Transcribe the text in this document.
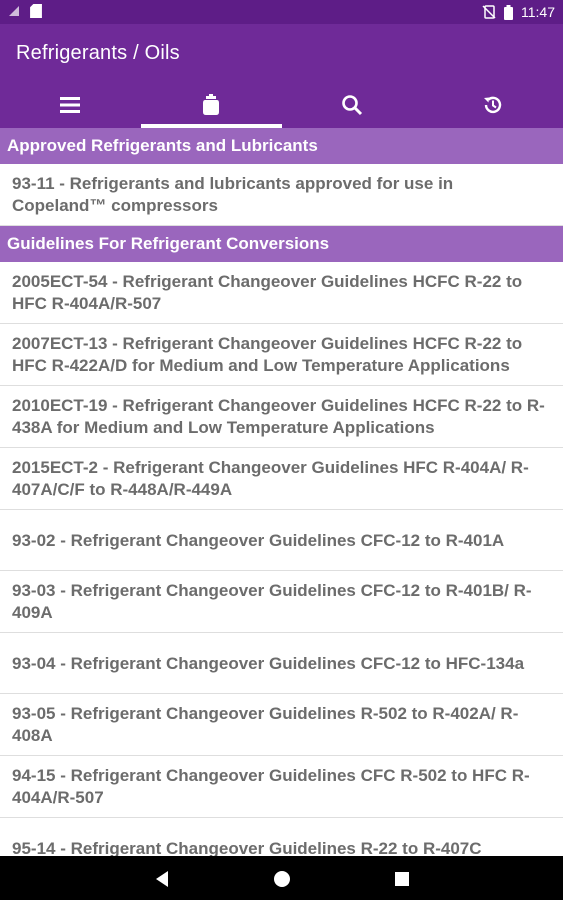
11:47
Refrigerants / Oils
Approved Refrigerants and Lubricants
93-11 - Refrigerants and lubricants approved for use in Copeland™ compressors
Guidelines For Refrigerant Conversions
2005ECT-54 - Refrigerant Changeover Guidelines HCFC R-22 to HFC R-404A/R-507
2007ECT-13 - Refrigerant Changeover Guidelines HCFC R-22 to HFC R-422A/D for Medium and Low Temperature Applications
2010ECT-19 - Refrigerant Changeover Guidelines HCFC R-22 to R-438A for Medium and Low Temperature Applications
2015ECT-2 - Refrigerant Changeover Guidelines HFC R-404A/ R-407A/C/F to R-448A/R-449A
93-02 - Refrigerant Changeover Guidelines CFC-12 to R-401A
93-03 - Refrigerant Changeover Guidelines CFC-12 to R-401B/ R-409A
93-04 - Refrigerant Changeover Guidelines CFC-12 to HFC-134a
93-05 - Refrigerant Changeover Guidelines R-502 to R-402A/ R-408A
94-15 - Refrigerant Changeover Guidelines CFC R-502 to HFC R-404A/R-507
95-14 - Refrigerant Changeover Guidelines R-22 to R-407C
